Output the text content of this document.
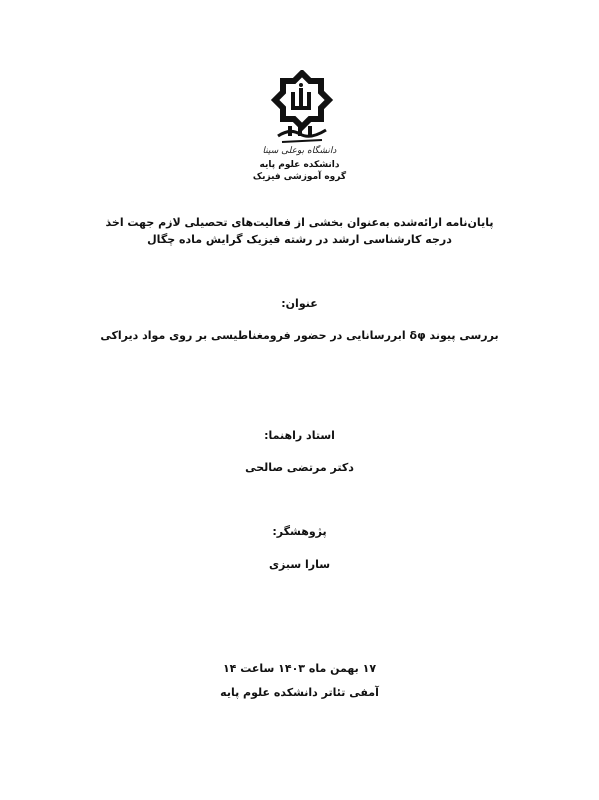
دانشگاه بوعلی سینا
دانشکده علوم پایه
گروه آموزشی فیزیک
پایان‌نامه ارائه‌شده به‌عنوان بخشی از فعالیت‌های تحصیلی لازم جهت اخذ
درجه کارشناسی ارشد در رشته فیزیک گرایش ماده چگال
عنوان:
بررسی پیوند δφ ابررسانایی در حضور فرومغناطیسی بر روی مواد دیراکی
استاد راهنما:
دکتر مرتضی صالحی
پژوهشگر:
سارا سبزی
۱۷ بهمن ماه ۱۴۰۳ ساعت ۱۴
آمفی تئاتر دانشکده علوم پایه
